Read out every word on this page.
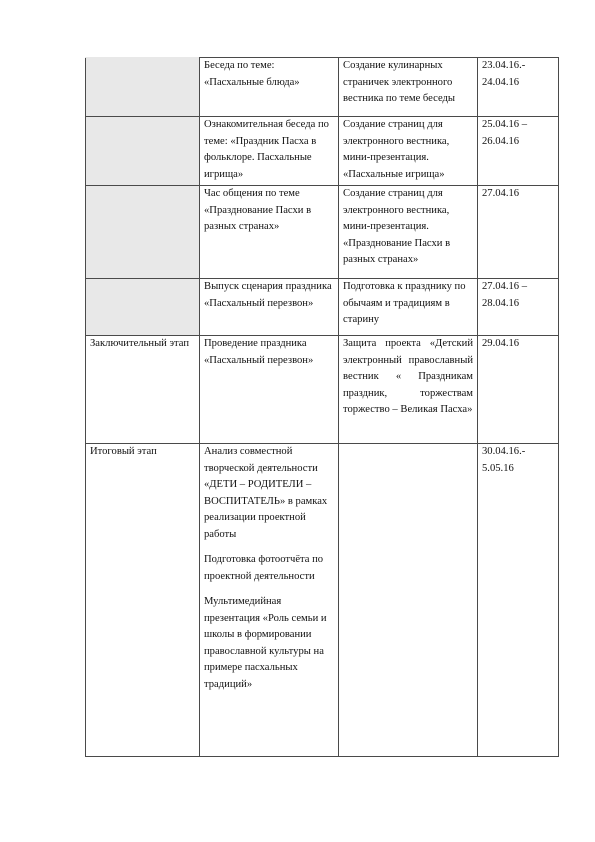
	Беседа по теме: «Пасхальные блюда»	Создание кулинарных страничек электронного вестника по теме беседы	23.04.16.- 24.04.16

	Ознакомительная беседа по теме: «Праздник Пасха в фольклоре. Пасхальные игрища»	Создание страниц для электронного вестника, мини-презентация. «Пасхальные игрища»	25.04.16 – 26.04.16

	Час общения по теме «Празднование Пасхи в разных странах»	Создание страниц для электронного вестника, мини-презентация. «Празднование Пасхи в разных странах»	27.04.16

	Выпуск сценария праздника «Пасхальный перезвон»	Подготовка к празднику по обычаям и традициям в старину	27.04.16 – 28.04.16
Заключительный этап	Проведение праздника «Пасхальный перезвон»	Защита проекта «Детский электронный православный вестник « Праздникам праздник, торжествам торжество – Великая Пасха»	29.04.16
Итоговый этап	Анализ совместной творческой деятельности «ДЕТИ – РОДИТЕЛИ – ВОСПИТАТЕЛЬ» в рамках реализации проектной работы
Подготовка фотоотчёта по проектной деятельности
Мультимедийная презентация «Роль семьи и школы в формировании православной культуры на примере пасхальных традиций»		30.04.16.- 5.05.16
